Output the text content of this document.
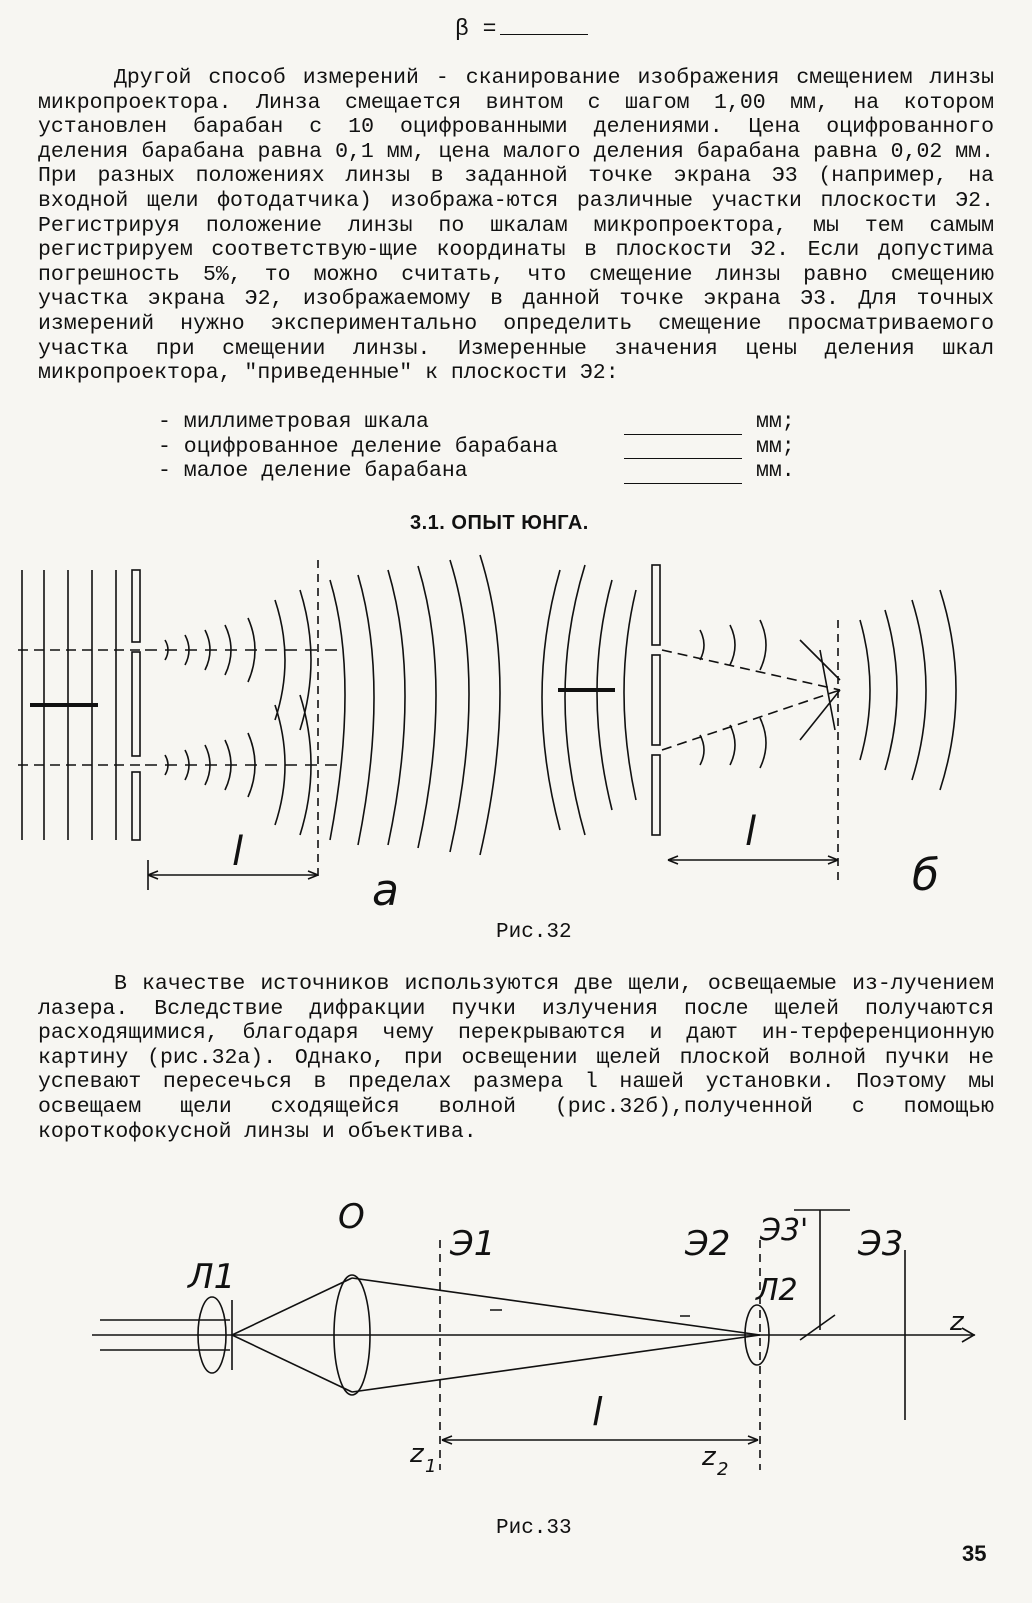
β =

Другой способ измерений - сканирование изображения смещением линзы микропроектора. Линза смещается винтом с шагом 1,00 мм, на котором установлен барабан с 10 оцифрованными делениями. Цена оцифрованного деления барабана равна 0,1 мм, цена малого деления барабана равна 0,02 мм. При разных положениях линзы в заданной точке экрана Э3 (например, на входной щели фотодатчика) изобража-ются различные участки плоскости Э2. Регистрируя положение линзы по шкалам микропроектора, мы тем самым регистрируем соответствую-щие координаты в плоскости Э2. Если допустима погрешность 5%, то можно считать, что смещение линзы равно смещению участка экрана Э2, изображаемому в данной точке экрана Э3. Для точных измерений нужно экспериментально определить смещение просматриваемого участка при смещении линзы. Измеренные значения цены деления шкал микропроектора, "приведенные" к плоскости Э2:

- миллиметровая шкала	мм;
- оцифрованное деление барабана	мм;
- малое деление барабана	мм.
3.1. ОПЫТ ЮНГА.
l
а
l
б
Рис.32

В качестве источников используются две щели, освещаемые из-лучением лазера. Вследствие дифракции пучки излучения после щелей получаются расходящимися, благодаря чему перекрываются и дают ин-терференционную картину (рис.32а). Однако, при освещении щелей плоской волной пучки не успевают пересечься в пределах размера l нашей установки. Поэтому мы освещаем щели сходящейся волной (рис.32б),полученной с помощью короткофокусной линзы и объектива.

Л1
О
Э1	Э2 Э3' Э3
Л2
l
z
z 1	z 2
Рис.33
35
